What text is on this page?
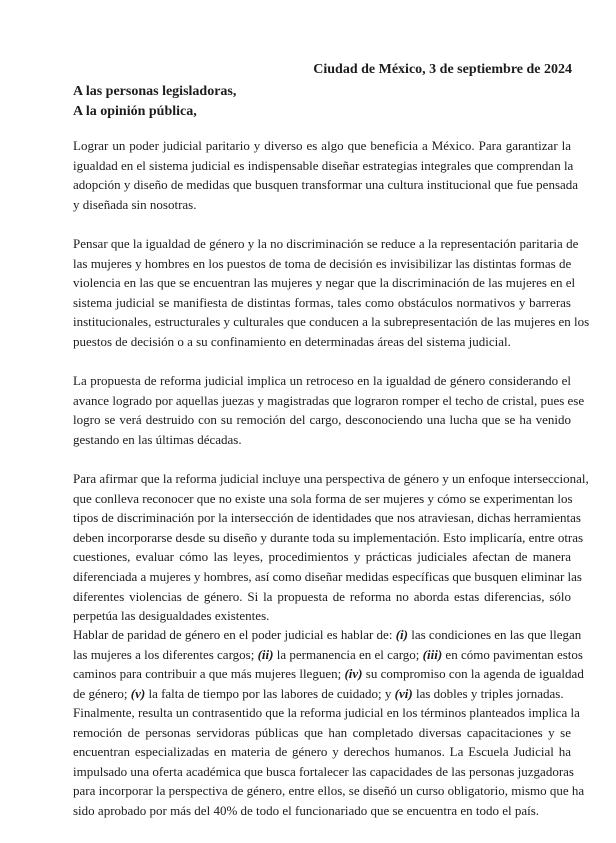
Ciudad de México, 3 de septiembre de 2024
A las personas legisladoras,
A la opinión pública,

Lograr un poder judicial paritario y diverso es algo que beneficia a México. Para garantizar la
igualdad en el sistema judicial es indispensable diseñar estrategias integrales que comprendan la
adopción y diseño de medidas que busquen transformar una cultura institucional que fue pensada
y diseñada sin nosotras.

Pensar que la igualdad de género y la no discriminación se reduce a la representación paritaria de
las mujeres y hombres en los puestos de toma de decisión es invisibilizar las distintas formas de
violencia en las que se encuentran las mujeres y negar que la discriminación de las mujeres en el
sistema judicial se manifiesta de distintas formas, tales como obstáculos normativos y barreras
institucionales, estructurales y culturales que conducen a la subrepresentación de las mujeres en los
puestos de decisión o a su confinamiento en determinadas áreas del sistema judicial.

La propuesta de reforma judicial implica un retroceso en la igualdad de género considerando el
avance logrado por aquellas juezas y magistradas que lograron romper el techo de cristal, pues ese
logro se verá destruido con su remoción del cargo, desconociendo una lucha que se ha venido
gestando en las últimas décadas.

Para afirmar que la reforma judicial incluye una perspectiva de género y un enfoque interseccional,
que conlleva reconocer que no existe una sola forma de ser mujeres y cómo se experimentan los
tipos de discriminación por la intersección de identidades que nos atraviesan, dichas herramientas
deben incorporarse desde su diseño y durante toda su implementación. Esto implicaría, entre otras
cuestiones, evaluar cómo las leyes, procedimientos y prácticas judiciales afectan de manera
diferenciada a mujeres y hombres, así como diseñar medidas específicas que busquen eliminar las
diferentes violencias de género. Si la propuesta de reforma no aborda estas diferencias, sólo
perpetúa las desigualdades existentes.

Hablar de paridad de género en el poder judicial es hablar de: (i) las condiciones en las que llegan
las mujeres a los diferentes cargos; (ii) la permanencia en el cargo; (iii) en cómo pavimentan estos
caminos para contribuir a que más mujeres lleguen; (iv) su compromiso con la agenda de igualdad
de género; (v) la falta de tiempo por las labores de cuidado; y (vi) las dobles y triples jornadas.

Finalmente, resulta un contrasentido que la reforma judicial en los términos planteados implica la
remoción de personas servidoras públicas que han completado diversas capacitaciones y se
encuentran especializadas en materia de género y derechos humanos. La Escuela Judicial ha
impulsado una oferta académica que busca fortalecer las capacidades de las personas juzgadoras
para incorporar la perspectiva de género, entre ellos, se diseñó un curso obligatorio, mismo que ha
sido aprobado por más del 40% de todo el funcionariado que se encuentra en todo el país.
